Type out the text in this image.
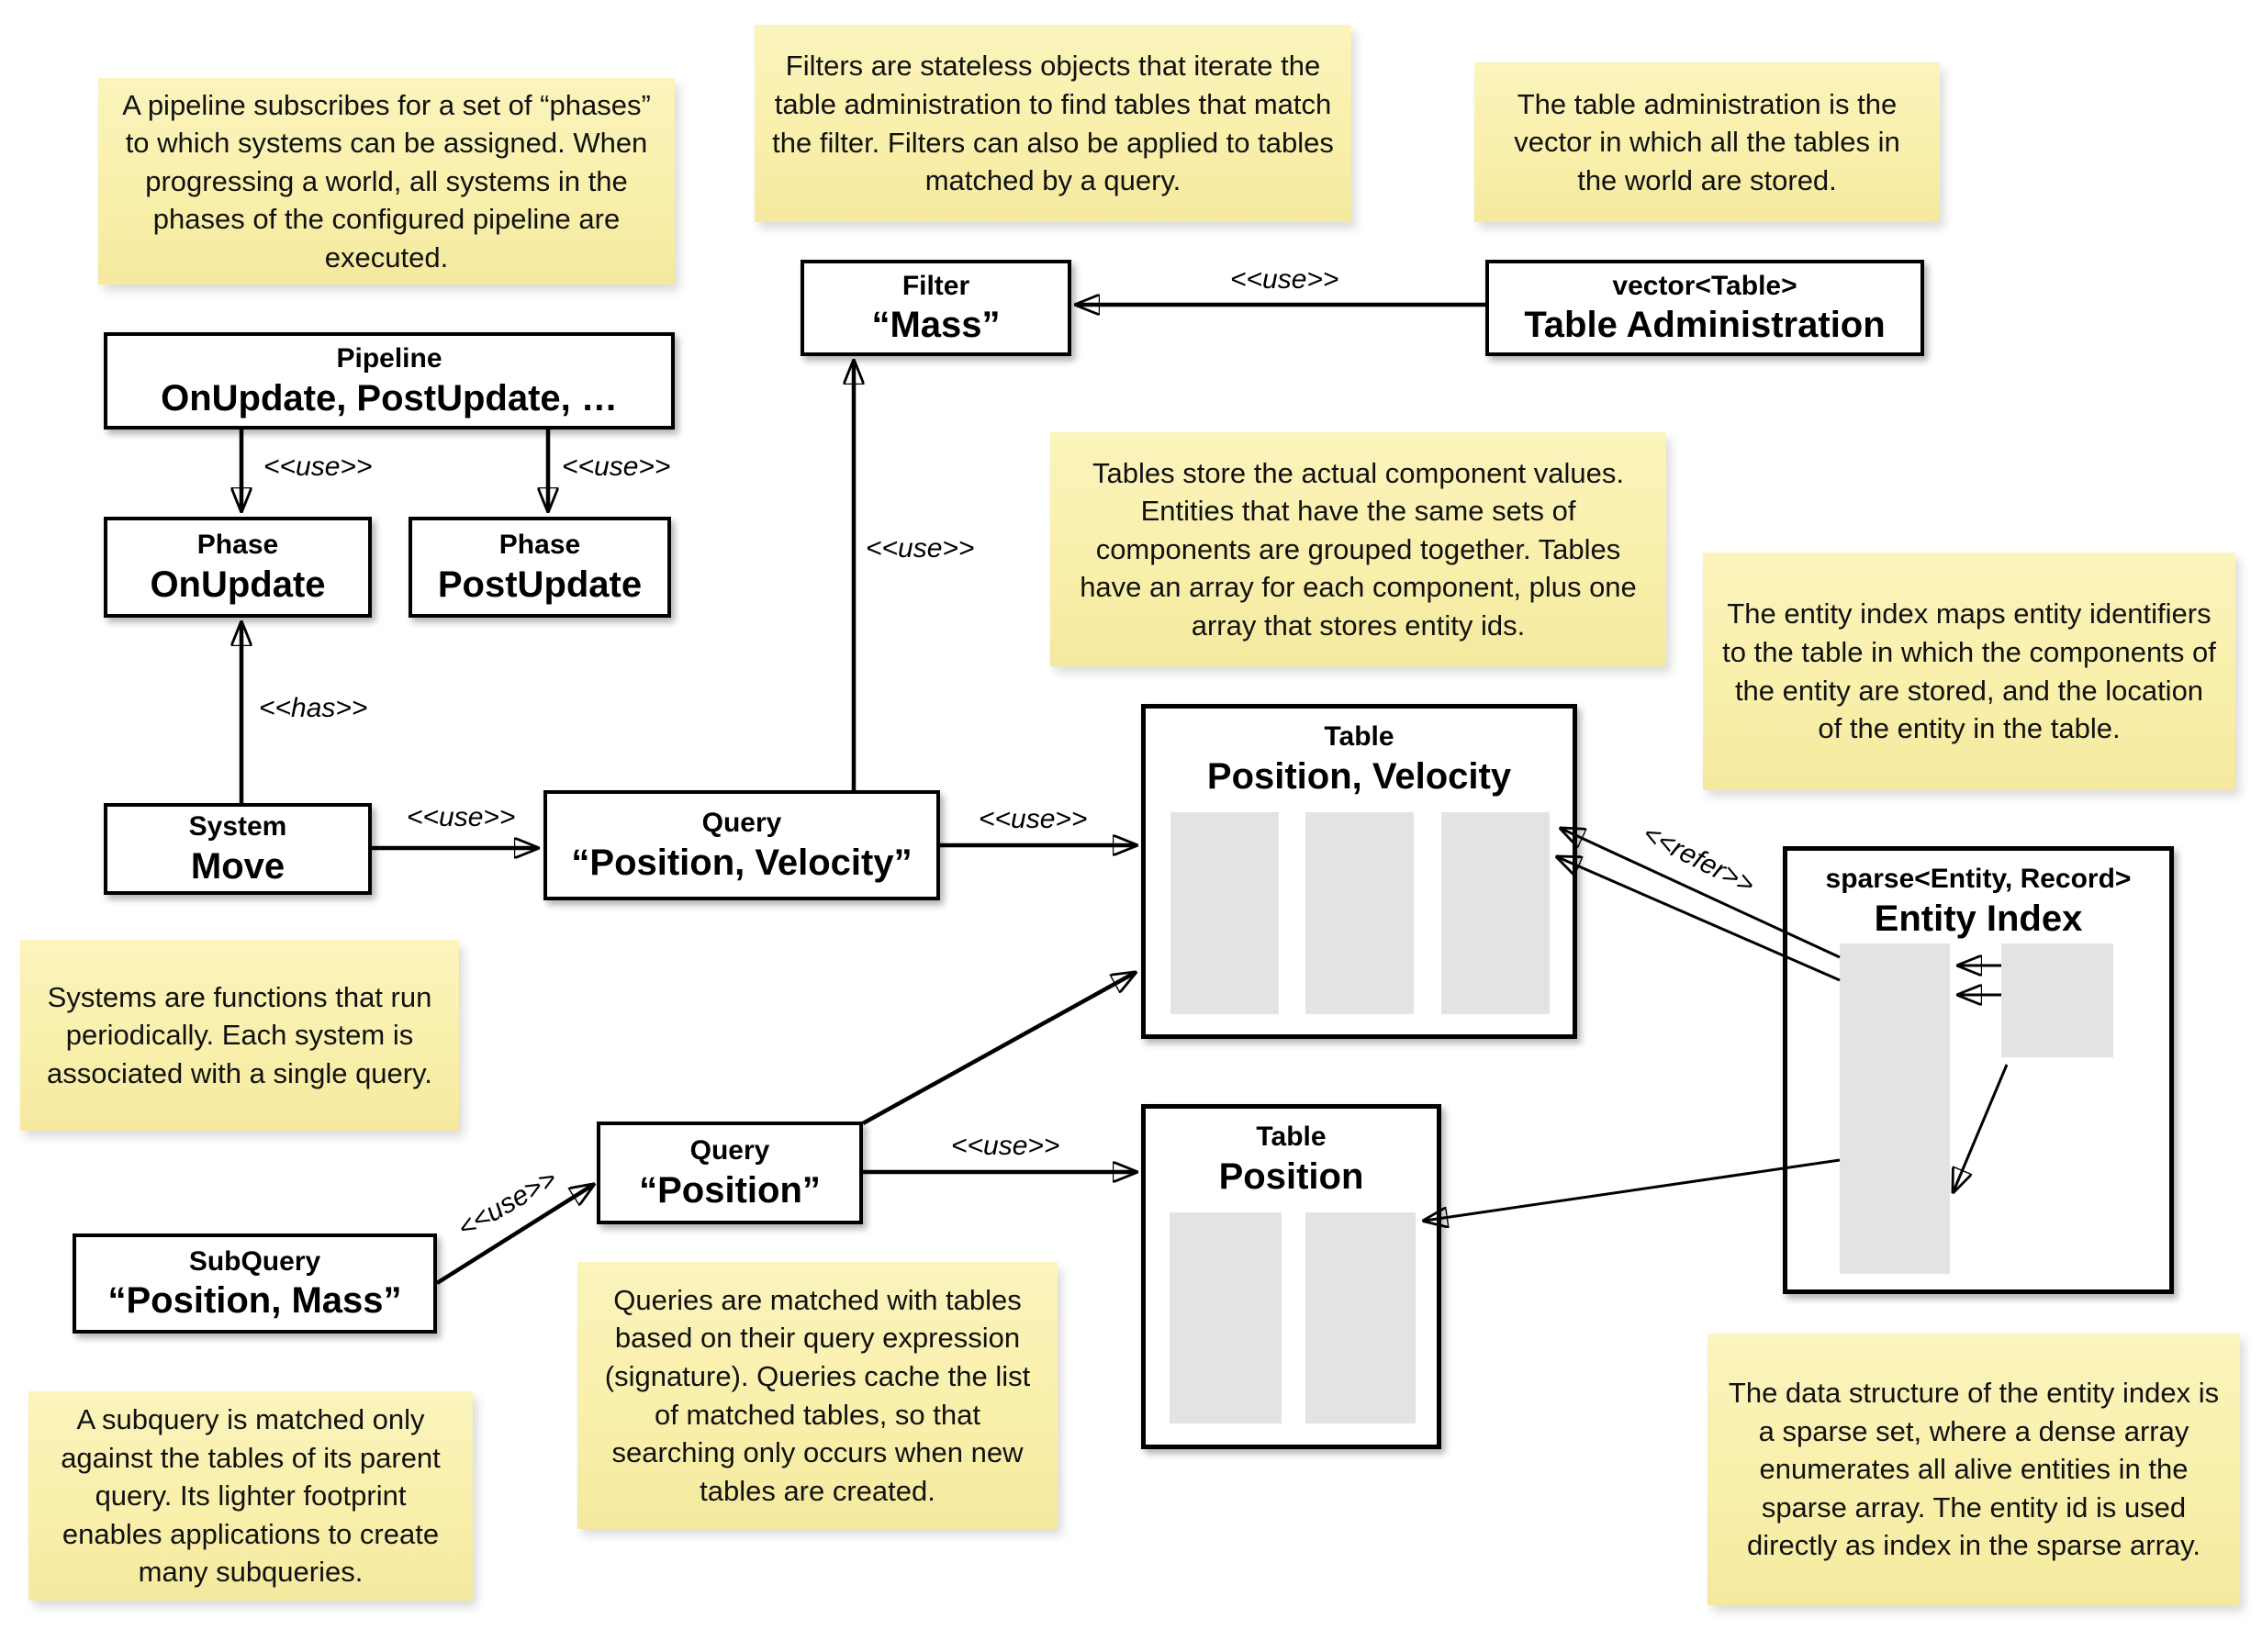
A pipeline subscribes for a set of “phases” to which systems can be assigned. When progressing a world, all systems in the phases of the configured pipeline are executed.
Filters are stateless objects that iterate the table administration to find tables that match the filter. Filters can also be applied to tables matched by a query.
The table administration is the vector in which all the tables in the world are stored.
Tables store the actual component values. Entities that have the same sets of components are grouped together. Tables have an array for each component, plus one array that stores entity ids.	The entity index maps entity identifiers to the table in which the components of the entity are stored, and the location of the entity in the table.
Systems are functions that run periodically. Each system is associated with a single query.
Queries are matched with tables based on their query expression (signature). Queries cache the list of matched tables, so that searching only occurs when new tables are created.
A subquery is matched only against the tables of its parent query. Its lighter footprint enables applications to create many subqueries.
The data structure of the entity index is a sparse set, where a dense array enumerates all alive entities in the sparse array. The entity id is used directly as index in the sparse array.
Pipeline
OnUpdate, PostUpdate, …
Filter
“Mass”
vector<Table>
Table Administration
Phase
OnUpdate
Phase
PostUpdate
System
Move
Query
“Position, Velocity”
Table
Position, Velocity
sparse<Entity, Record>
Entity Index
Query
“Position”
Table
Position
SubQuery
“Position, Mass”
<<use>>	<<use>>
<<has>>
<<use>>
<<use>>
<<use>>
<<use>>	<<refer>>
<<use>>
<<use>>
